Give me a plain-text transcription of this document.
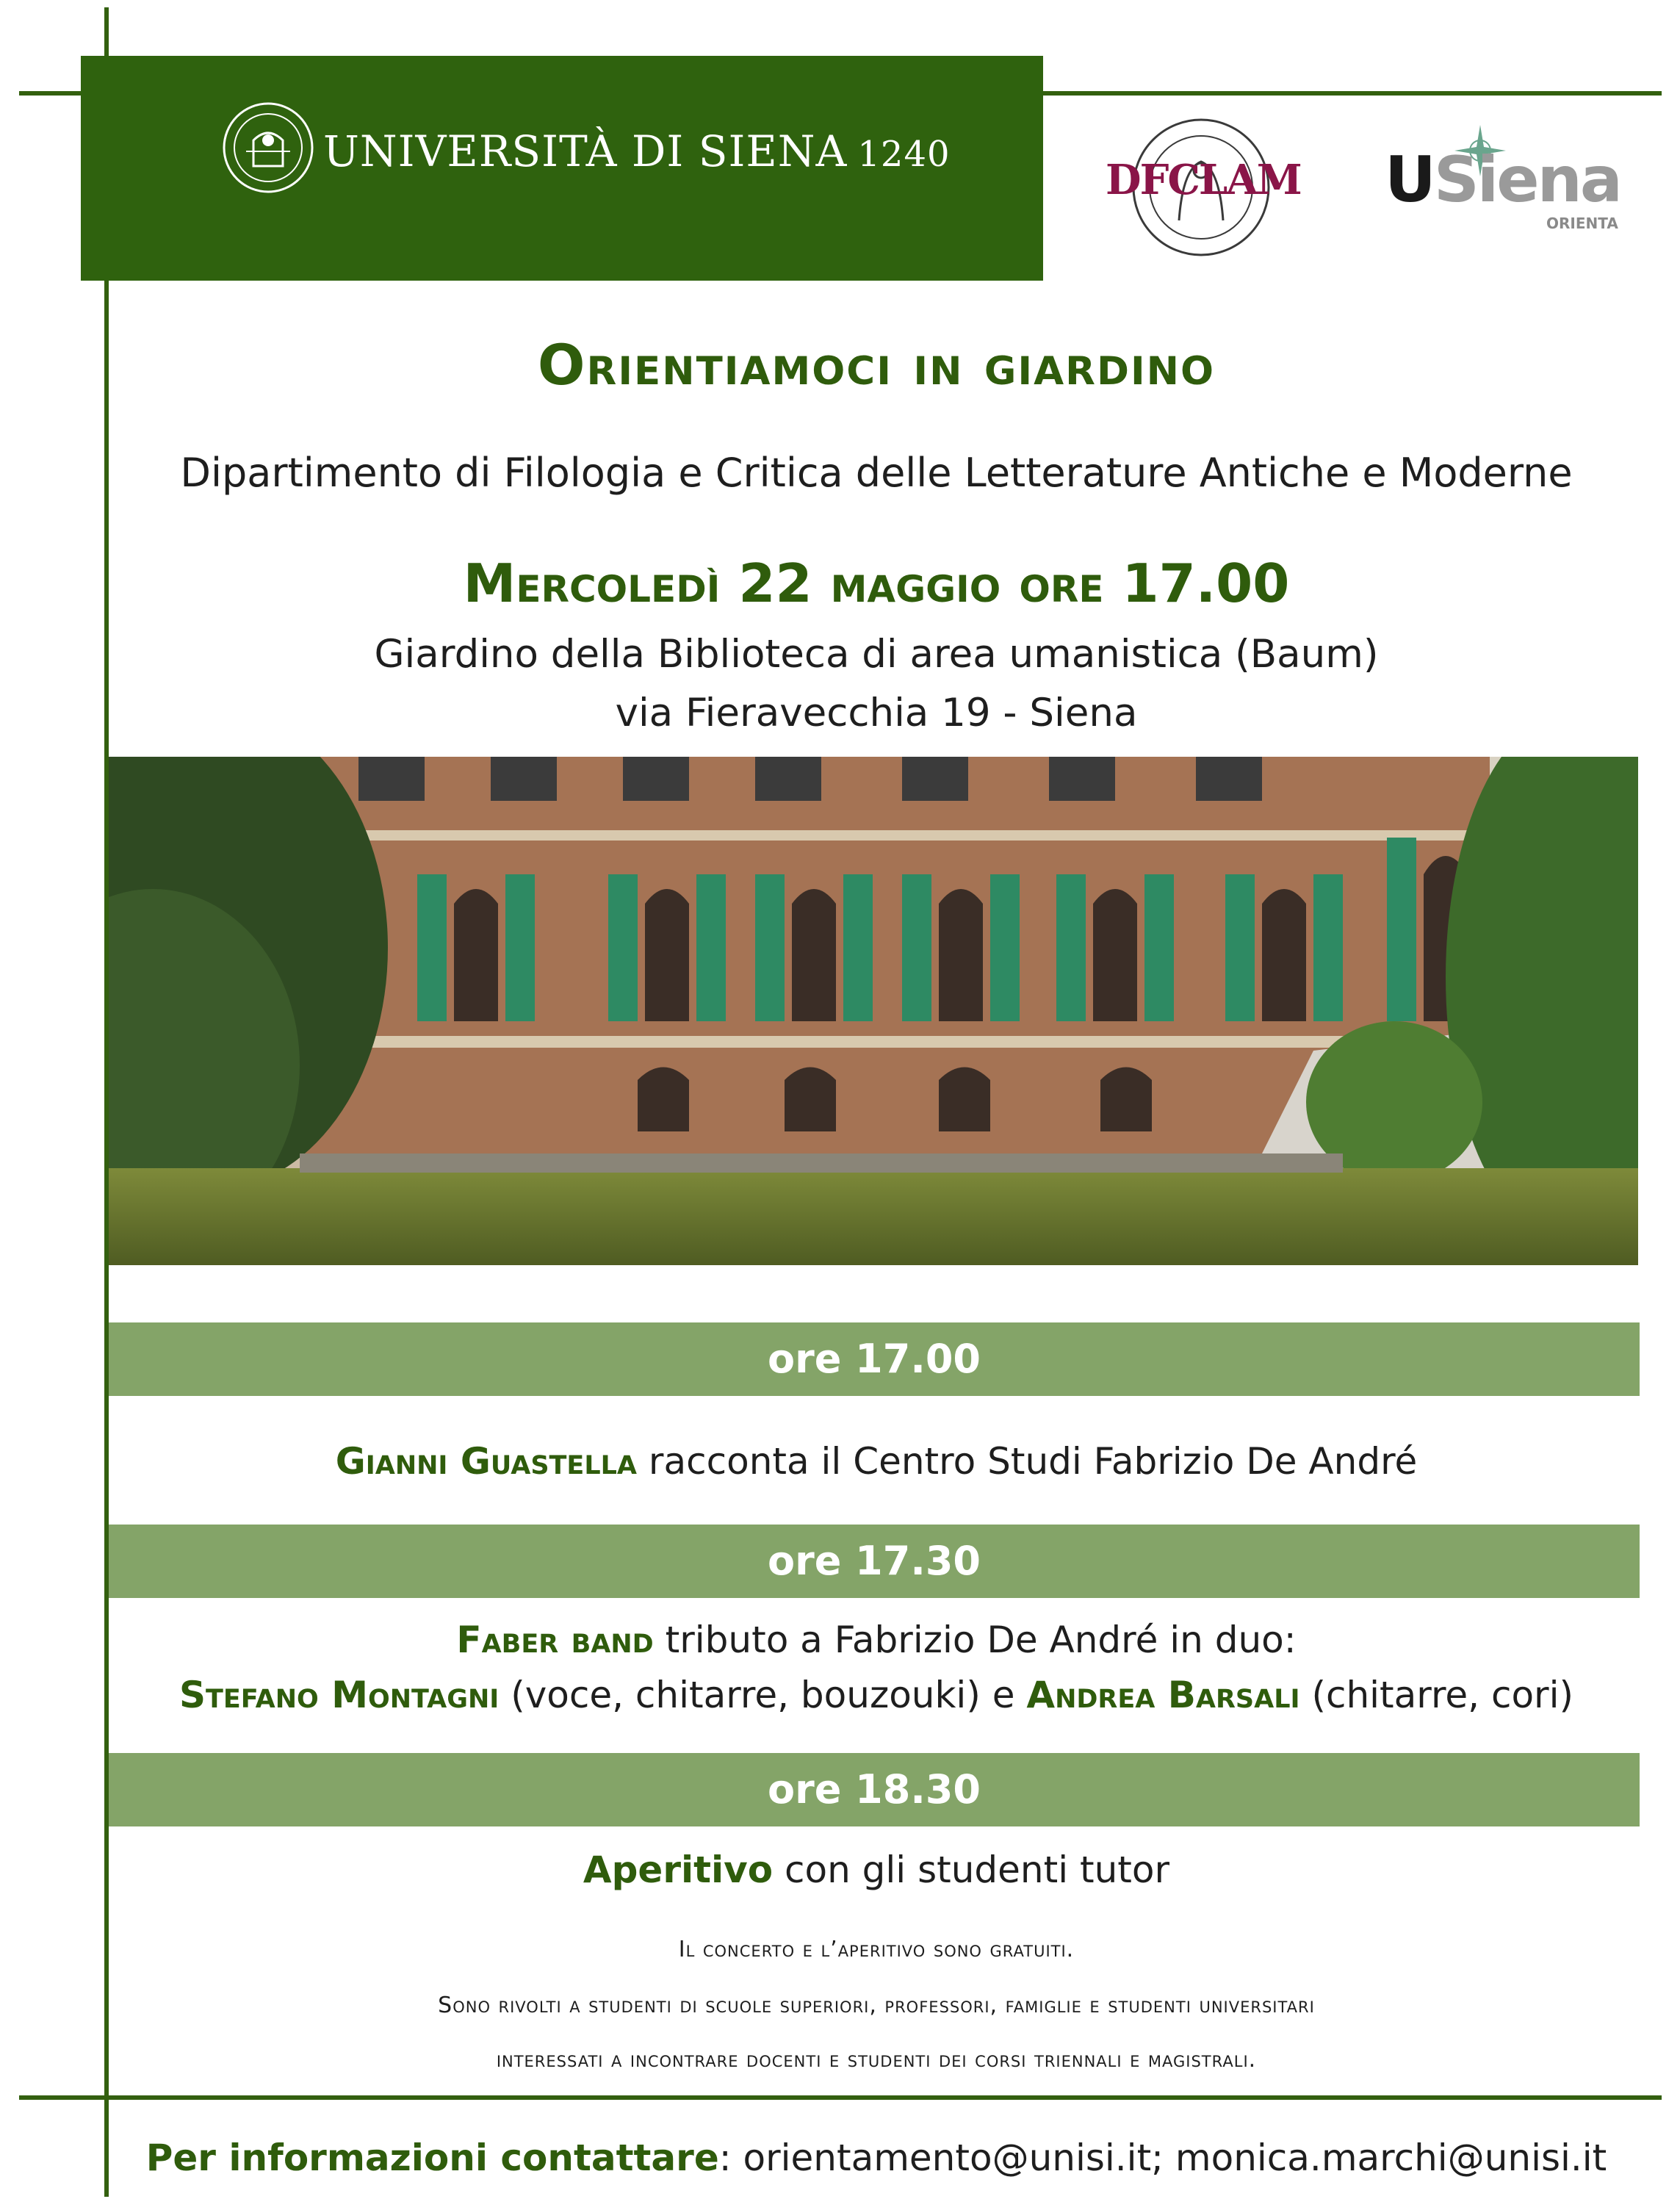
UNIVERSITÀ DI SIENA 1240
DFCLAM USiena
ORIENTA
Orientiamoci in giardino
Dipartimento di Filologia e Critica delle Letterature Antiche e Moderne
Mercoledì 22 maggio ore 17.00
Giardino della Biblioteca di area umanistica (Baum)
via Fieravecchia 19 - Siena
ore 17.00
Gianni Guastella racconta il Centro Studi Fabrizio De André
ore 17.30
Faber band tributo a Fabrizio De André in duo:
Stefano Montagni (voce, chitarre, bouzouki) e Andrea Barsali (chitarre, cori)
ore 18.30
Aperitivo con gli studenti tutor
Il concerto e l’aperitivo sono gratuiti.
Sono rivolti a studenti di scuole superiori, professori, famiglie e studenti universitari
interessati a incontrare docenti e studenti dei corsi triennali e magistrali.
Per informazioni contattare: orientamento@unisi.it; monica.marchi@unisi.it
